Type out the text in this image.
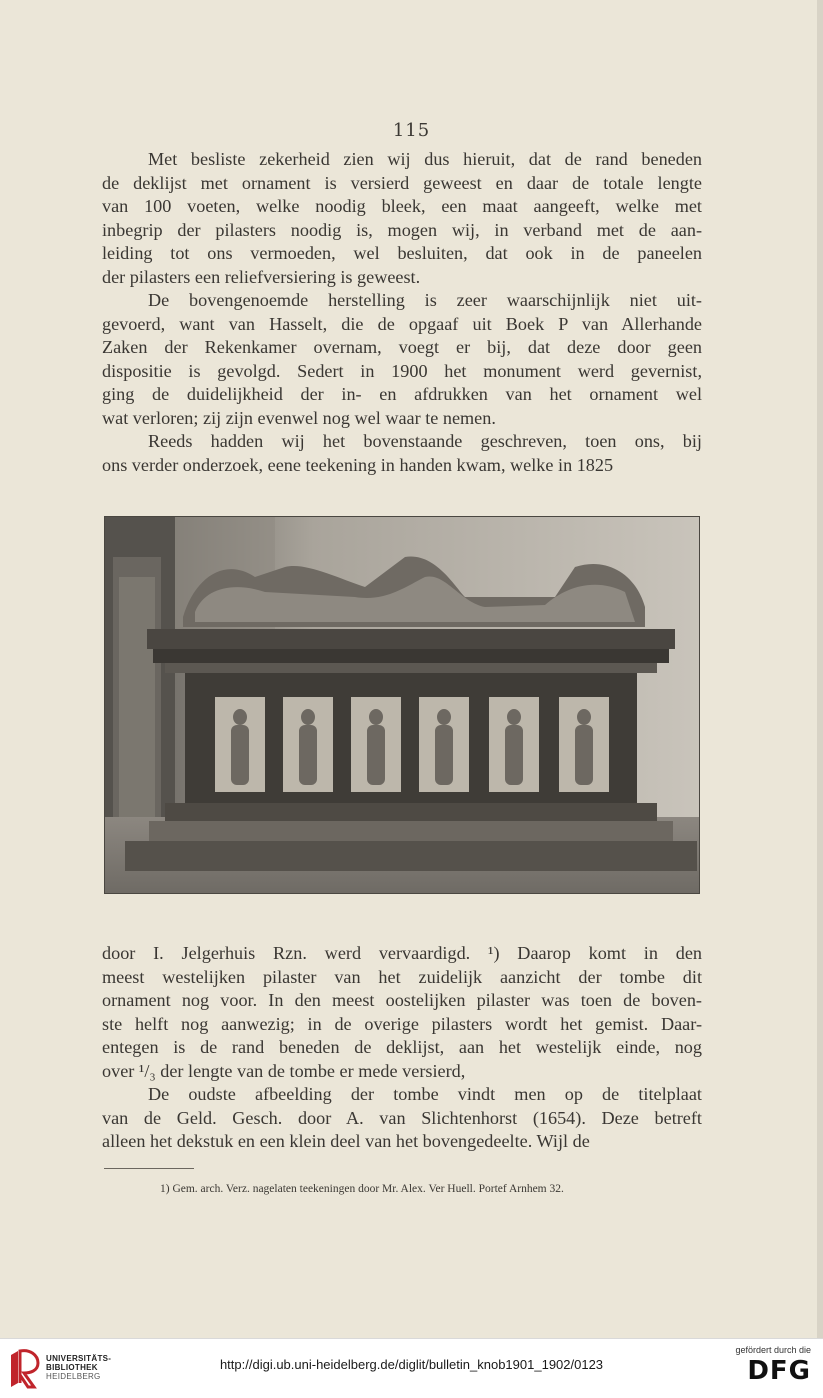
115

Met besliste zekerheid zien wij dus hieruit, dat de rand beneden
de deklijst met ornament is versierd geweest en daar de totale lengte
van 100 voeten, welke noodig bleek, een maat aangeeft, welke met
inbegrip der pilasters noodig is, mogen wij, in verband met de aan-
leiding tot ons vermoeden, wel besluiten, dat ook in de paneelen
der pilasters een reliefversiering is geweest.

De bovengenoemde herstelling is zeer waarschijnlijk niet uit-
gevoerd, want van Hasselt, die de opgaaf uit Boek P van Allerhande
Zaken der Rekenkamer overnam, voegt er bij, dat deze door geen
dispositie is gevolgd. Sedert in 1900 het monument werd gevernist,
ging de duidelijkheid der in- en afdrukken van het ornament wel
wat verloren; zij zijn evenwel nog wel waar te nemen.

Reeds hadden wij het bovenstaande geschreven, toen ons, bij
ons verder onderzoek, eene teekening in handen kwam, welke in 1825

door I. Jelgerhuis Rzn. werd vervaardigd. ¹) Daarop komt in den
meest westelijken pilaster van het zuidelijk aanzicht der tombe dit
ornament nog voor. In den meest oostelijken pilaster was toen de boven-
ste helft nog aanwezig; in de overige pilasters wordt het gemist. Daar-
entegen is de rand beneden de deklijst, aan het westelijk einde, nog
over ¹/₃ der lengte van de tombe er mede versierd,

De oudste afbeelding der tombe vindt men op de titelplaat
van de Geld. Gesch. door A. van Slichtenhorst (1654). Deze betreft
alleen het dekstuk en een klein deel van het bovengedeelte. Wijl de

1) Gem. arch. Verz. nagelaten teekeningen door Mr. Alex. Ver Huell. Portef Arnhem 32.
UNIVERSITÄTS-
BIBLIOTHEK
HEIDELBERG
http://digi.ub.uni-heidelberg.de/diglit/bulletin_knob1901_1902/0123
gefördert durch die
DFG
